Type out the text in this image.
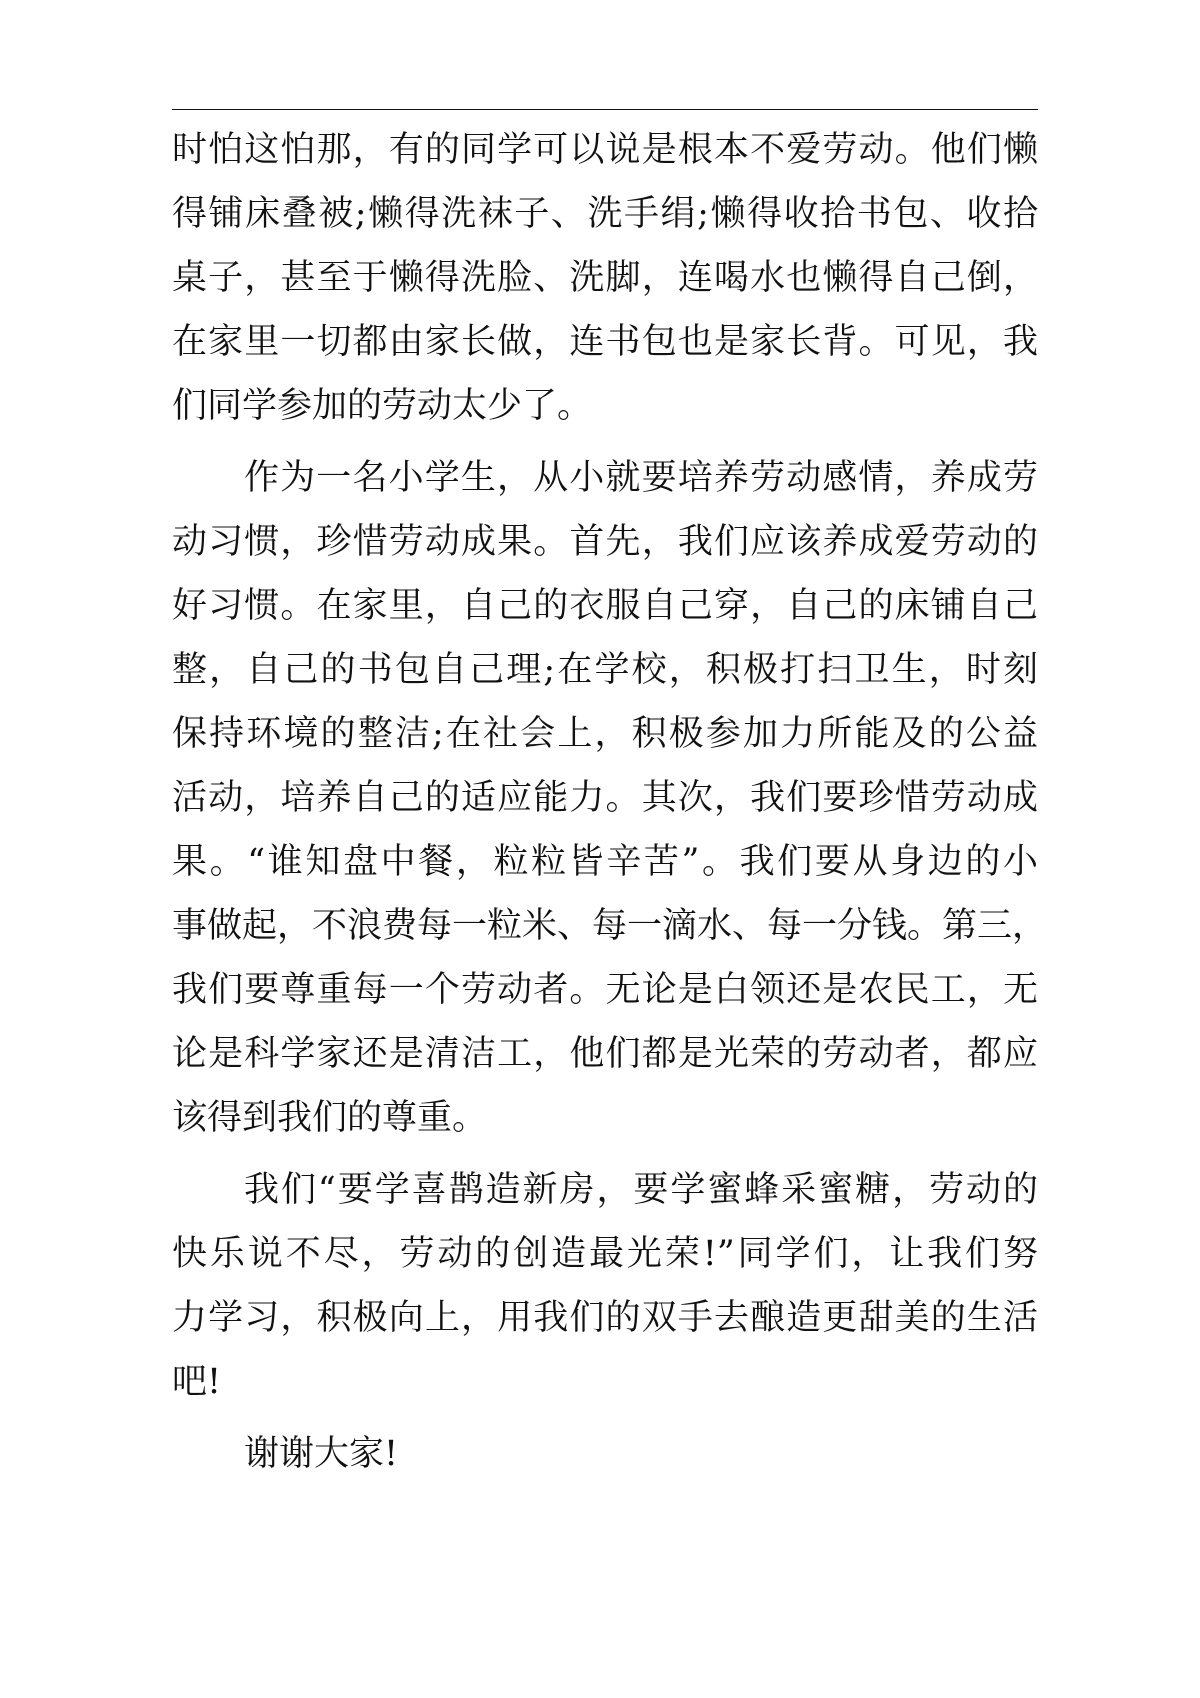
时怕这怕那，有的同学可以说是根本不爱劳动。他们懒
得铺床叠被;懒得洗袜子、洗手绢;懒得收拾书包、收拾
桌子，甚至于懒得洗脸、洗脚，连喝水也懒得自己倒，
在家里一切都由家长做，连书包也是家长背。可见，我
们同学参加的劳动太少了。
作为一名小学生，从小就要培养劳动感情，养成劳
动习惯，珍惜劳动成果。首先，我们应该养成爱劳动的
好习惯。在家里，自己的衣服自己穿，自己的床铺自己
整，自己的书包自己理;在学校，积极打扫卫生，时刻
保持环境的整洁;在社会上，积极参加力所能及的公益
活动，培养自己的适应能力。其次，我们要珍惜劳动成
果。“谁知盘中餐，粒粒皆辛苦”。我们要从身边的小
事做起，不浪费每一粒米、每一滴水、每一分钱。第三，
我们要尊重每一个劳动者。无论是白领还是农民工，无
论是科学家还是清洁工，他们都是光荣的劳动者，都应
该得到我们的尊重。
我们“要学喜鹊造新房，要学蜜蜂采蜜糖，劳动的
快乐说不尽，劳动的创造最光荣!”同学们，让我们努
力学习，积极向上，用我们的双手去酿造更甜美的生活
吧!
谢谢大家!
